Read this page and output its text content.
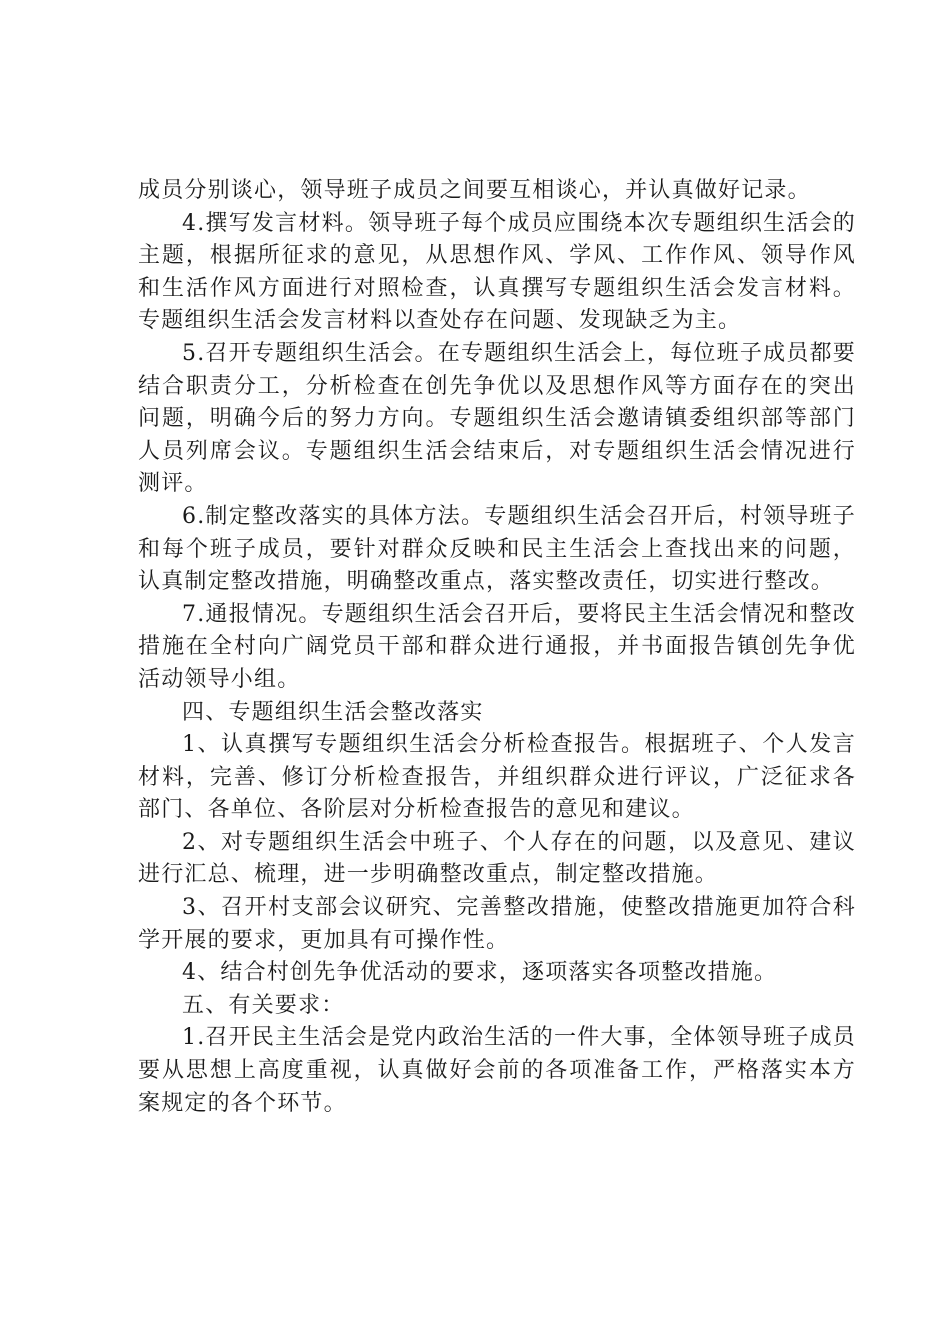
成员分别谈心，领导班子成员之间要互相谈心，并认真做好记录。

4.撰写发言材料。领导班子每个成员应围绕本次专题组织生活会的主题，根据所征求的意见，从思想作风、学风、工作作风、领导作风和生活作风方面进行对照检查，认真撰写专题组织生活会发言材料。专题组织生活会发言材料以查处存在问题、发现缺乏为主。

5.召开专题组织生活会。在专题组织生活会上，每位班子成员都要结合职责分工，分析检查在创先争优以及思想作风等方面存在的突出问题，明确今后的努力方向。专题组织生活会邀请镇委组织部等部门人员列席会议。专题组织生活会结束后，对专题组织生活会情况进行测评。

6.制定整改落实的具体方法。专题组织生活会召开后，村领导班子和每个班子成员，要针对群众反映和民主生活会上查找出来的问题，认真制定整改措施，明确整改重点，落实整改责任，切实进行整改。

7.通报情况。专题组织生活会召开后，要将民主生活会情况和整改措施在全村向广阔党员干部和群众进行通报，并书面报告镇创先争优活动领导小组。

四、专题组织生活会整改落实

1、认真撰写专题组织生活会分析检查报告。根据班子、个人发言材料，完善、修订分析检查报告，并组织群众进行评议，广泛征求各部门、各单位、各阶层对分析检查报告的意见和建议。

2、对专题组织生活会中班子、个人存在的问题，以及意见、建议进行汇总、梳理，进一步明确整改重点，制定整改措施。

3、召开村支部会议研究、完善整改措施，使整改措施更加符合科学开展的要求，更加具有可操作性。

4、结合村创先争优活动的要求，逐项落实各项整改措施。

五、有关要求：

1.召开民主生活会是党内政治生活的一件大事，全体领导班子成员要从思想上高度重视，认真做好会前的各项准备工作，严格落实本方案规定的各个环节。
